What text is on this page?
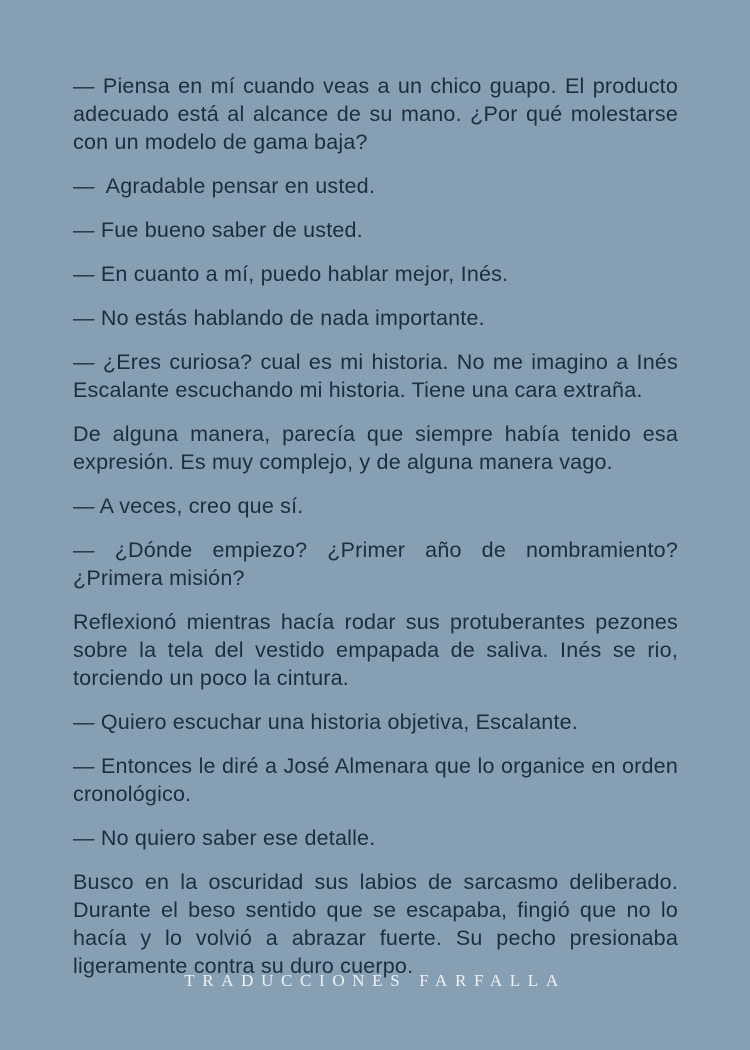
— Piensa en mí cuando veas a un chico guapo. El producto adecuado está al alcance de su mano. ¿Por qué molestarse con un modelo de gama baja?

— Agradable pensar en usted.

— Fue bueno saber de usted.

— En cuanto a mí, puedo hablar mejor, Inés.

— No estás hablando de nada importante.

— ¿Eres curiosa? cual es mi historia. No me imagino a Inés Escalante escuchando mi historia. Tiene una cara extraña.

De alguna manera, parecía que siempre había tenido esa expresión. Es muy complejo, y de alguna manera vago.

— A veces, creo que sí.

— ¿Dónde empiezo? ¿Primer año de nombramiento? ¿Primera misión?

Reflexionó mientras hacía rodar sus protuberantes pezones sobre la tela del vestido empapada de saliva. Inés se rio, torciendo un poco la cintura.

— Quiero escuchar una historia objetiva, Escalante.

— Entonces le diré a José Almenara que lo organice en orden cronológico.

— No quiero saber ese detalle.

Busco en la oscuridad sus labios de sarcasmo deliberado. Durante el beso sentido que se escapaba, fingió que no lo hacía y lo volvió a abrazar fuerte. Su pecho presionaba ligeramente contra su duro cuerpo.

TRADUCCIONES FARFALLA
